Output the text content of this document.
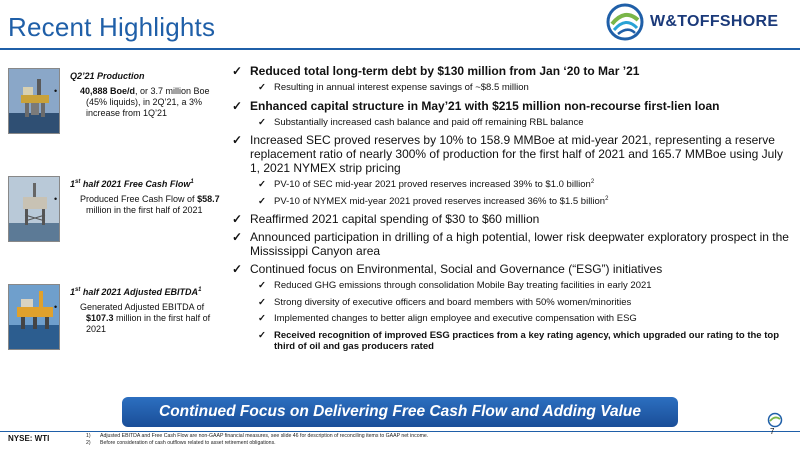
Recent Highlights	W&TOFFSHORE
Q2’21 Production
•	40,888 Boe/d, or 3.7 million Boe (45% liquids), in 2Q’21, a 3% increase from 1Q’21
1st half 2021 Free Cash Flow$^1$
•	Produced Free Cash Flow of $58.7 million in the first half of 2021
1st half 2021 Adjusted EBITDA$^1$
•	Generated Adjusted EBITDA of $107.3 million in the first half of 2021
✓ Reduced total long-term debt by $130 million from Jan ‘20 to Mar ’21
✓ Resulting in annual interest expense savings of ~$8.5 million
✓ Enhanced capital structure in May’21 with $215 million non-recourse first-lien loan
✓ Substantially increased cash balance and paid off remaining RBL balance
✓ Increased SEC proved reserves by 10% to 158.9 MMBoe at mid-year 2021, representing a reserve replacement ratio of nearly 300% of production for the first half of 2021 and 165.7 MMBoe using July 1, 2021 NYMEX strip pricing
✓ PV-10 of SEC mid-year 2021 proved reserves increased 39% to $1.0 billion$^2$
✓ PV-10 of NYMEX mid-year 2021 proved reserves increased 36% to $1.5 billion$^2$
✓ Reaffirmed 2021 capital spending of $30 to $60 million
✓ Announced participation in drilling of a high potential, lower risk deepwater exploratory prospect in the Mississippi Canyon area
✓ Continued focus on Environmental, Social and Governance (“ESG”) initiatives
✓ Reduced GHG emissions through consolidation Mobile Bay treating facilities in early 2021
✓ Strong diversity of executive officers and board members with 50% women/minorities
✓ Implemented changes to better align employee and executive compensation with ESG
✓ Received recognition of improved ESG practices from a key rating agency, which upgraded our rating to the top third of oil and gas producers rated
Continued Focus on Delivering Free Cash Flow and Adding Value
NYSE: WTI	1) Adjusted EBITDA and Free Cash Flow are non-GAAP financial measures, see slide 46 for description of reconciling items to GAAP net income.
2) Before consideration of cash outflows related to asset retirement obligations.
7
